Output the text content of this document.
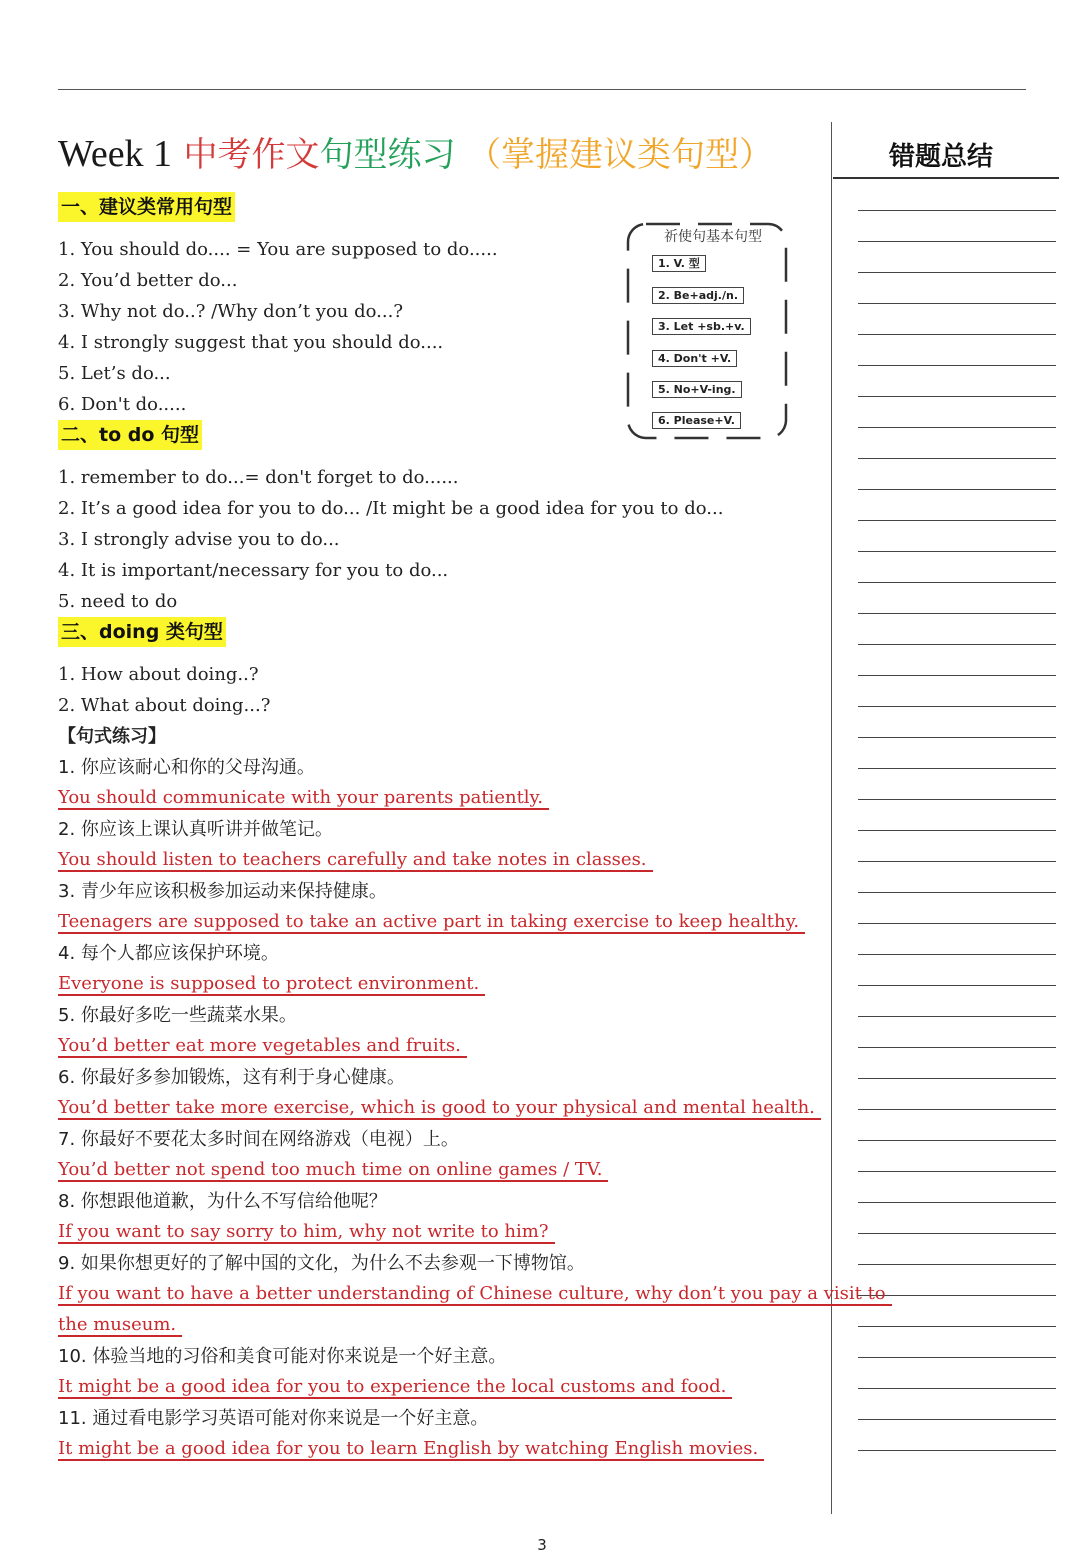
Week 1 中考作文句型练习 （掌握建议类句型）	错题总结
一、建议类常用句型
1. You should do.... = You are supposed to do.....
2. You’d better do...
3. Why not do..? /Why don’t you do...?
4. I strongly suggest that you should do....
5. Let’s do...
6. Don't do.....
二、to do 句型
1. remember to do...= don't forget to do......
2. It’s a good idea for you to do... /It might be a good idea for you to do...
3. I strongly advise you to do...
4. It is important/necessary for you to do...
5. need to do
三、doing 类句型
1. How about doing..?
2. What about doing...?
【句式练习】
1. 你应该耐心和你的父母沟通。
You should communicate with your parents patiently.
2. 你应该上课认真听讲并做笔记。
You should listen to teachers carefully and take notes in classes.
3. 青少年应该积极参加运动来保持健康。
Teenagers are supposed to take an active part in taking exercise to keep healthy.
4. 每个人都应该保护环境。
Everyone is supposed to protect environment.
5. 你最好多吃一些蔬菜水果。
You’d better eat more vegetables and fruits.
6. 你最好多参加锻炼，这有利于身心健康。
You’d better take more exercise, which is good to your physical and mental health.
7. 你最好不要花太多时间在网络游戏（电视）上。
You’d better not spend too much time on online games / TV.
8. 你想跟他道歉，为什么不写信给他呢？
If you want to say sorry to him, why not write to him?
9. 如果你想更好的了解中国的文化，为什么不去参观一下博物馆。
If you want to have a better understanding of Chinese culture, why don’t you pay a visit to
the museum.
10. 体验当地的习俗和美食可能对你来说是一个好主意。
It might be a good idea for you to experience the local customs and food.
11. 通过看电影学习英语可能对你来说是一个好主意。
It might be a good idea for you to learn English by watching English movies.
祈使句基本句型
1. V. 型
2. Be+adj./n.
3. Let +sb.+v.
4. Don't +V.
5. No+V-ing.
6. Please+V.
3
